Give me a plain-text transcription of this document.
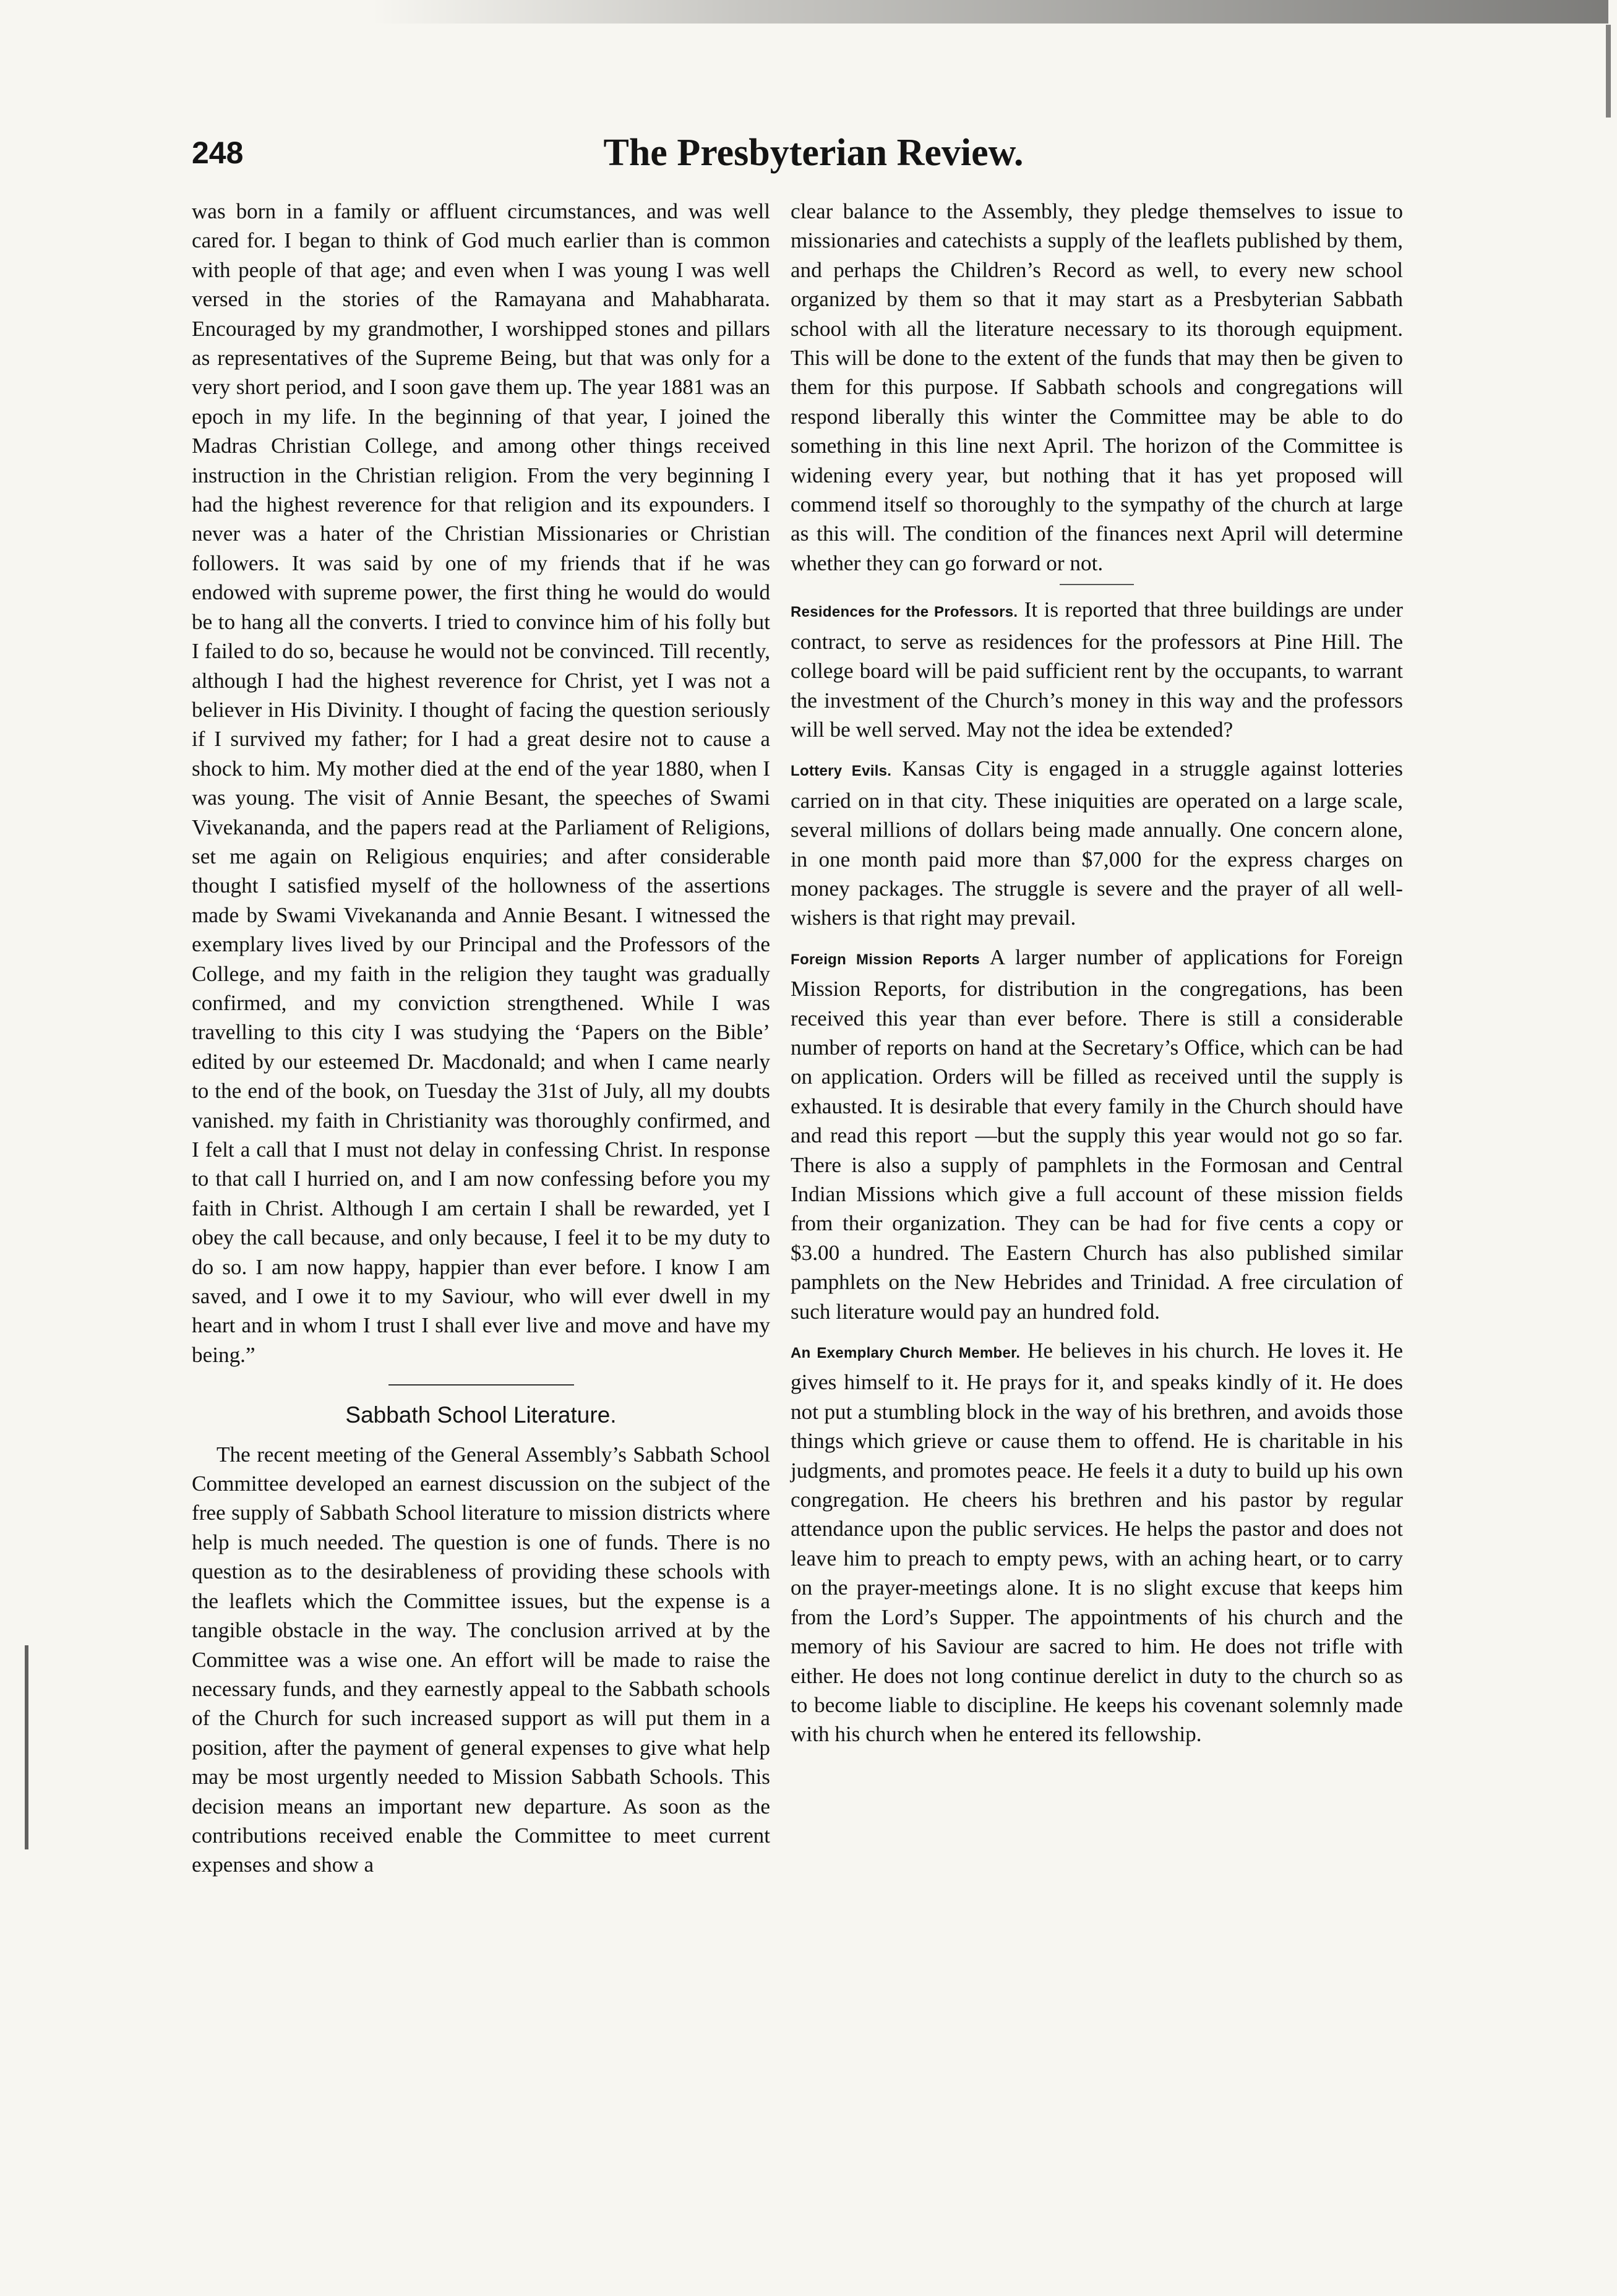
248	The Presbyterian Review.

was born in a family or affluent circumstances, and was well cared for. I began to think of God much earlier than is common with people of that age; and even when I was young I was well versed in the stories of the Ramayana and Mahabharata. Encouraged by my grandmother, I worshipped stones and pillars as representatives of the Supreme Being, but that was only for a very short period, and I soon gave them up. The year 1881 was an epoch in my life. In the beginning of that year, I joined the Madras Christian College, and among other things received instruction in the Christian religion. From the very beginning I had the highest reverence for that religion and its expounders. I never was a hater of the Christian Missionaries or Christian followers. It was said by one of my friends that if he was endowed with supreme power, the first thing he would do would be to hang all the converts. I tried to convince him of his folly but I failed to do so, because he would not be convinced. Till recently, although I had the highest reverence for Christ, yet I was not a believer in His Divinity. I thought of facing the question seriously if I survived my father; for I had a great desire not to cause a shock to him. My mother died at the end of the year 1880, when I was young. The visit of Annie Besant, the speeches of Swami Vivekananda, and the papers read at the Parliament of Religions, set me again on Religious enquiries; and after considerable thought I satisfied myself of the hollowness of the assertions made by Swami Vivekananda and Annie Besant. I witnessed the exemplary lives lived by our Principal and the Professors of the College, and my faith in the religion they taught was gradually confirmed, and my conviction strengthened. While I was travelling to this city I was studying the ‘Papers on the Bible’ edited by our esteemed Dr. Macdonald; and when I came nearly to the end of the book, on Tuesday the 31st of July, all my doubts vanished. my faith in Christianity was thoroughly confirmed, and I felt a call that I must not delay in confessing Christ. In response to that call I hurried on, and I am now confessing before you my faith in Christ. Although I am certain I shall be rewarded, yet I obey the call because, and only because, I feel it to be my duty to do so. I am now happy, happier than ever before. I know I am saved, and I owe it to my Saviour, who will ever dwell in my heart and in whom I trust I shall ever live and move and have my being.”

Sabbath School Literature.

The recent meeting of the General Assembly’s Sabbath School Committee developed an earnest discussion on the subject of the free supply of Sabbath School literature to mission districts where help is much needed. The question is one of funds. There is no question as to the desirableness of providing these schools with the leaflets which the Committee issues, but the expense is a tangible obstacle in the way. The conclusion arrived at by the Committee was a wise one. An effort will be made to raise the necessary funds, and they earnestly appeal to the Sabbath schools of the Church for such increased support as will put them in a position, after the payment of general expenses to give what help may be most urgently needed to Mission Sabbath Schools. This decision means an important new departure. As soon as the contributions received enable the Committee to meet current expenses and show a

clear balance to the Assembly, they pledge themselves to issue to missionaries and catechists a supply of the leaflets published by them, and perhaps the Children’s Record as well, to every new school organized by them so that it may start as a Presbyterian Sabbath school with all the literature necessary to its thorough equipment. This will be done to the extent of the funds that may then be given to them for this purpose. If Sabbath schools and congregations will respond liberally this winter the Committee may be able to do something in this line next April. The horizon of the Committee is widening every year, but nothing that it has yet proposed will commend itself so thoroughly to the sympathy of the church at large as this will. The condition of the finances next April will determine whether they can go forward or not.

Residences for the Professors. It is reported that three buildings are under contract, to serve as residences for the professors at Pine Hill. The college board will be paid sufficient rent by the occupants, to warrant the investment of the Church’s money in this way and the professors will be well served. May not the idea be extended?

Lottery Evils. Kansas City is engaged in a struggle against lotteries carried on in that city. These iniquities are operated on a large scale, several millions of dollars being made annually. One concern alone, in one month paid more than $7,000 for the express charges on money packages. The struggle is severe and the prayer of all well-wishers is that right may prevail.

Foreign Mission Reports A larger number of applications for Foreign Mission Reports, for distribution in the congregations, has been received this year than ever before. There is still a considerable number of reports on hand at the Secretary’s Office, which can be had on application. Orders will be filled as received until the supply is exhausted. It is desirable that every family in the Church should have and read this report —but the supply this year would not go so far. There is also a supply of pamphlets in the Formosan and Central Indian Missions which give a full account of these mission fields from their organization. They can be had for five cents a copy or $3.00 a hundred. The Eastern Church has also published similar pamphlets on the New Hebrides and Trinidad. A free circulation of such literature would pay an hundred fold.

An Exemplary Church Member. He believes in his church. He loves it. He gives himself to it. He prays for it, and speaks kindly of it. He does not put a stumbling block in the way of his brethren, and avoids those things which grieve or cause them to offend. He is charitable in his judgments, and promotes peace. He feels it a duty to build up his own congregation. He cheers his brethren and his pastor by regular attendance upon the public services. He helps the pastor and does not leave him to preach to empty pews, with an aching heart, or to carry on the prayer-meetings alone. It is no slight excuse that keeps him from the Lord’s Supper. The appointments of his church and the memory of his Saviour are sacred to him. He does not trifle with either. He does not long continue derelict in duty to the church so as to become liable to discipline. He keeps his covenant solemnly made with his church when he entered its fellowship.
